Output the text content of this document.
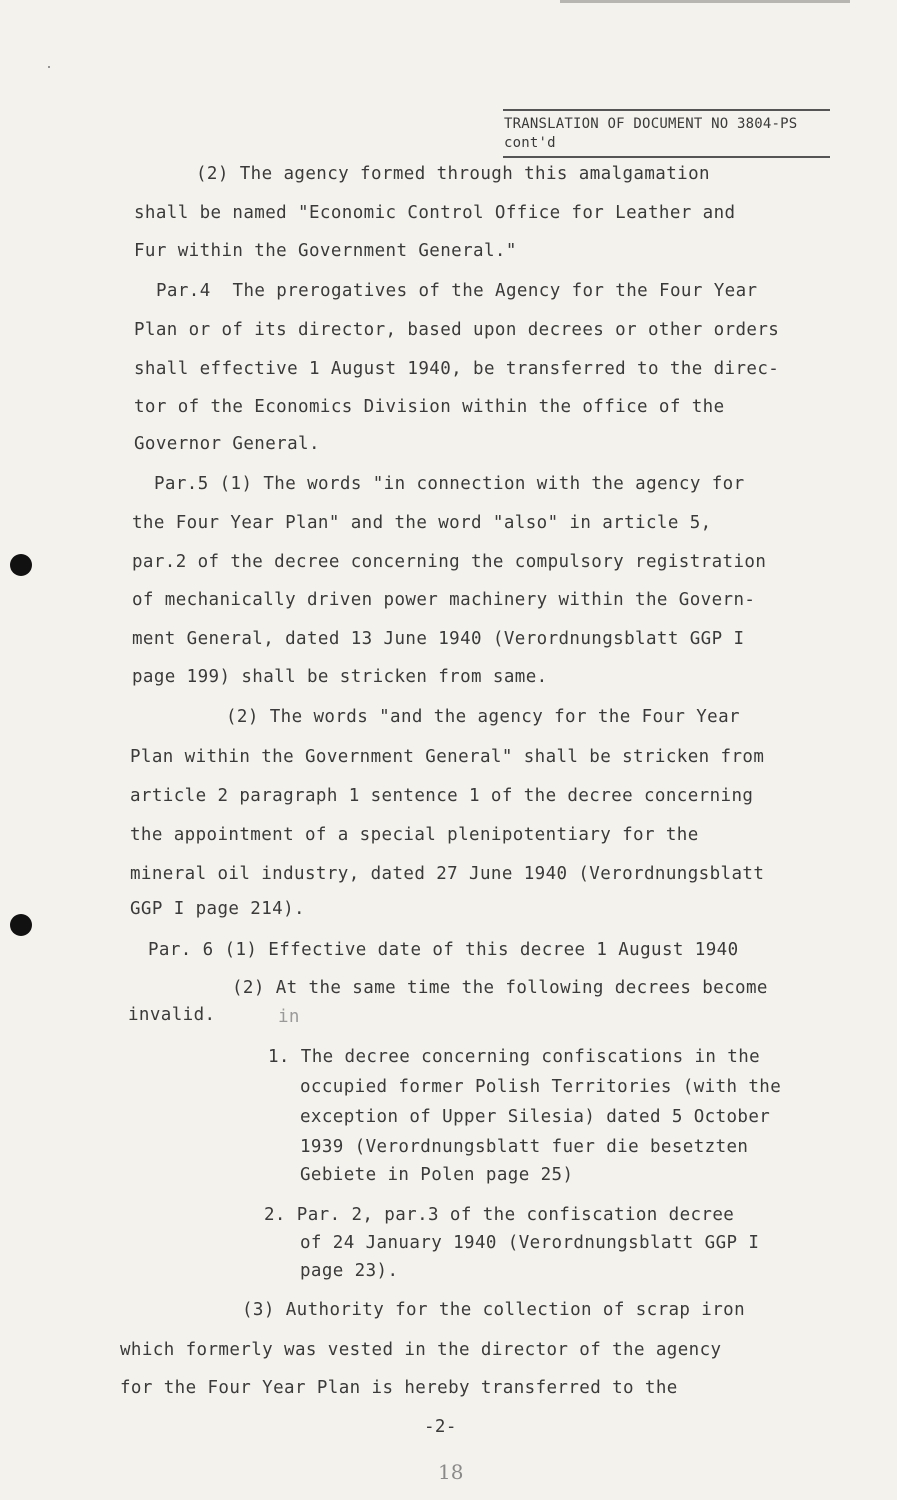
TRANSLATION OF DOCUMENT NO 3804-PS
cont'd
(2) The agency formed through this amalgamation
shall be named "Economic Control Office for Leather and
Fur within the Government General."
Par.4  The prerogatives of the Agency for the Four Year
Plan or of its director, based upon decrees or other orders
shall effective 1 August 1940, be transferred to the direc-
tor of the Economics Division within the office of the
Governor General.
Par.5 (1) The words "in connection with the agency for
the Four Year Plan" and the word "also" in article 5,
par.2 of the decree concerning the compulsory registration
of mechanically driven power machinery within the Govern-
ment General, dated 13 June 1940 (Verordnungsblatt GGP I
page 199) shall be stricken from same.
(2) The words "and the agency for the Four Year
Plan within the Government General" shall be stricken from
article 2 paragraph 1 sentence 1 of the decree concerning
the appointment of a special plenipotentiary for the
mineral oil industry, dated 27 June 1940 (Verordnungsblatt
GGP I page 214).
Par. 6 (1) Effective date of this decree 1 August 1940
(2) At the same time the following decrees become
invalid.	in
1. The decree concerning confiscations in the
occupied former Polish Territories (with the
exception of Upper Silesia) dated 5 October
1939 (Verordnungsblatt fuer die besetzten
Gebiete in Polen page 25)
2. Par. 2, par.3 of the confiscation decree
of 24 January 1940 (Verordnungsblatt GGP I
page 23).
(3) Authority for the collection of scrap iron
which formerly was vested in the director of the agency
for the Four Year Plan is hereby transferred to the
-2-
18
